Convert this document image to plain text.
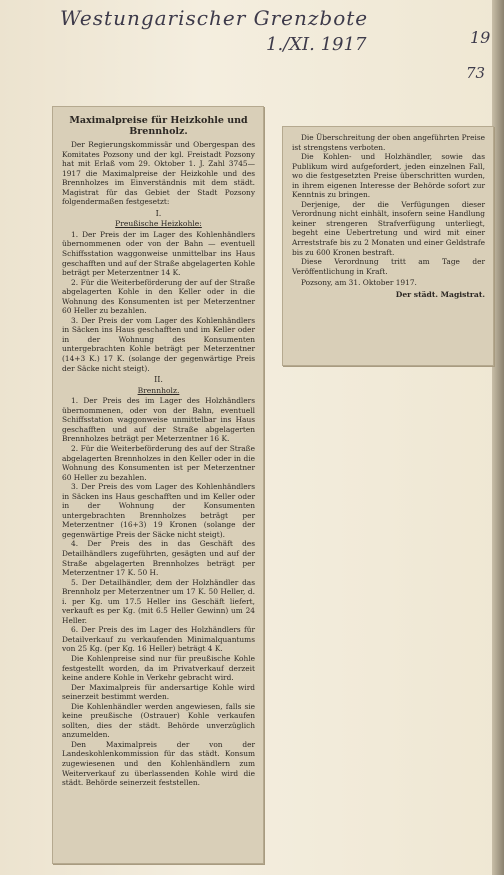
Westungarischer Grenzbote
1./XI. 1917	19
73
Maximalpreise für Heizkohle und Brennholz.

Der Regierungskommissär und Obergespan des Komitates Pozsony und der kgl. Freistadt Pozsony hat mit Erlaß vom 29. Oktober 1. J. Zahl 3745—1917 die Maximalpreise der Heizkohle und des Brennholzes im Einverständnis mit dem städt. Magistrat für das Gebiet der Stadt Pozsony folgendermaßen festgesetzt:

I.
Preußische Heizkohle:

1. Der Preis der im Lager des Kohlenhändlers übernommenen oder von der Bahn — eventuell Schiffsstation waggonweise unmittelbar ins Haus geschafften und auf der Straße abgelagerten Kohle beträgt per Meterzentner 14 K.

2. Für die Weiterbeförderung der auf der Straße abgelagerten Kohle in den Keller oder in die Wohnung des Konsumenten ist per Meterzentner 60 Heller zu bezahlen.

3. Der Preis der vom Lager des Kohlenhändlers in Säcken ins Haus geschafften und im Keller oder in der Wohnung des Konsumenten untergebrachten Kohle beträgt per Meterzentner (14+3 K.) 17 K. (solange der gegenwärtige Preis der Säcke nicht steigt).

II.
Brennholz.

1. Der Preis des im Lager des Holzhändlers übernommenen, oder von der Bahn, eventuell Schiffsstation waggonweise unmittelbar ins Haus geschafften und auf der Straße abgelagerten Brennholzes beträgt per Meterzentner 16 K.

2. Für die Weiterbeförderung des auf der Straße abgelagerten Brennholzes in den Keller oder in die Wohnung des Konsumenten ist per Meterzentner 60 Heller zu bezahlen.

3. Der Preis des vom Lager des Kohlenhändlers in Säcken ins Haus geschafften und im Keller oder in der Wohnung der Konsumenten untergebrachten Brennholzes beträgt per Meterzentner (16+3) 19 Kronen (solange der gegenwärtige Preis der Säcke nicht steigt).

4. Der Preis des in das Geschäft des Detailhändlers zugeführten, gesägten und auf der Straße abgelagerten Brennholzes beträgt per Meterzentner 17 K. 50 H.

5. Der Detailhändler, dem der Holzhändler das Brennholz per Meterzentner um 17 K. 50 Heller, d. i. per Kg. um 17.5 Heller ins Geschäft liefert, verkauft es per Kg. (mit 6.5 Heller Gewinn) um 24 Heller.

6. Der Preis des im Lager des Holzhändlers für Detailverkauf zu verkaufenden Minimalquantums von 25 Kg. (per Kg. 16 Heller) beträgt 4 K.

Die Kohlenpreise sind nur für preußische Kohle festgestellt worden, da im Privatverkauf derzeit keine andere Kohle in Verkehr gebracht wird.

Der Maximalpreis für andersartige Kohle wird seinerzeit bestimmt werden.

Die Kohlenhändler werden angewiesen, falls sie keine preußische (Ostrauer) Kohle verkaufen sollten, dies der städt. Behörde unverzüglich anzumelden.

Den Maximalpreis der von der Landeskohlenkommission für das städt. Konsum zugewiesenen und den Kohlenhändlern zum Weiterverkauf zu überlassenden Kohle wird die städt. Behörde seinerzeit feststellen.

Die Überschreitung der oben angeführten Preise ist strengstens verboten.

Die Kohlen- und Holzhändler, sowie das Publikum wird aufgefordert, jeden einzelnen Fall, wo die festgesetzten Preise überschritten wurden, in ihrem eigenen Interesse der Behörde sofort zur Kenntnis zu bringen.

Derjenige, der die Verfügungen dieser Verordnung nicht einhält, insofern seine Handlung keiner strengeren Strafverfügung unterliegt, begeht eine Uebertretung und wird mit einer Arreststrafe bis zu 2 Monaten und einer Geldstrafe bis zu 600 Kronen bestraft.

Diese Verordnung tritt am Tage der Veröffentlichung in Kraft.

Pozsony, am 31. Oktober 1917.
Der städt. Magistrat.
